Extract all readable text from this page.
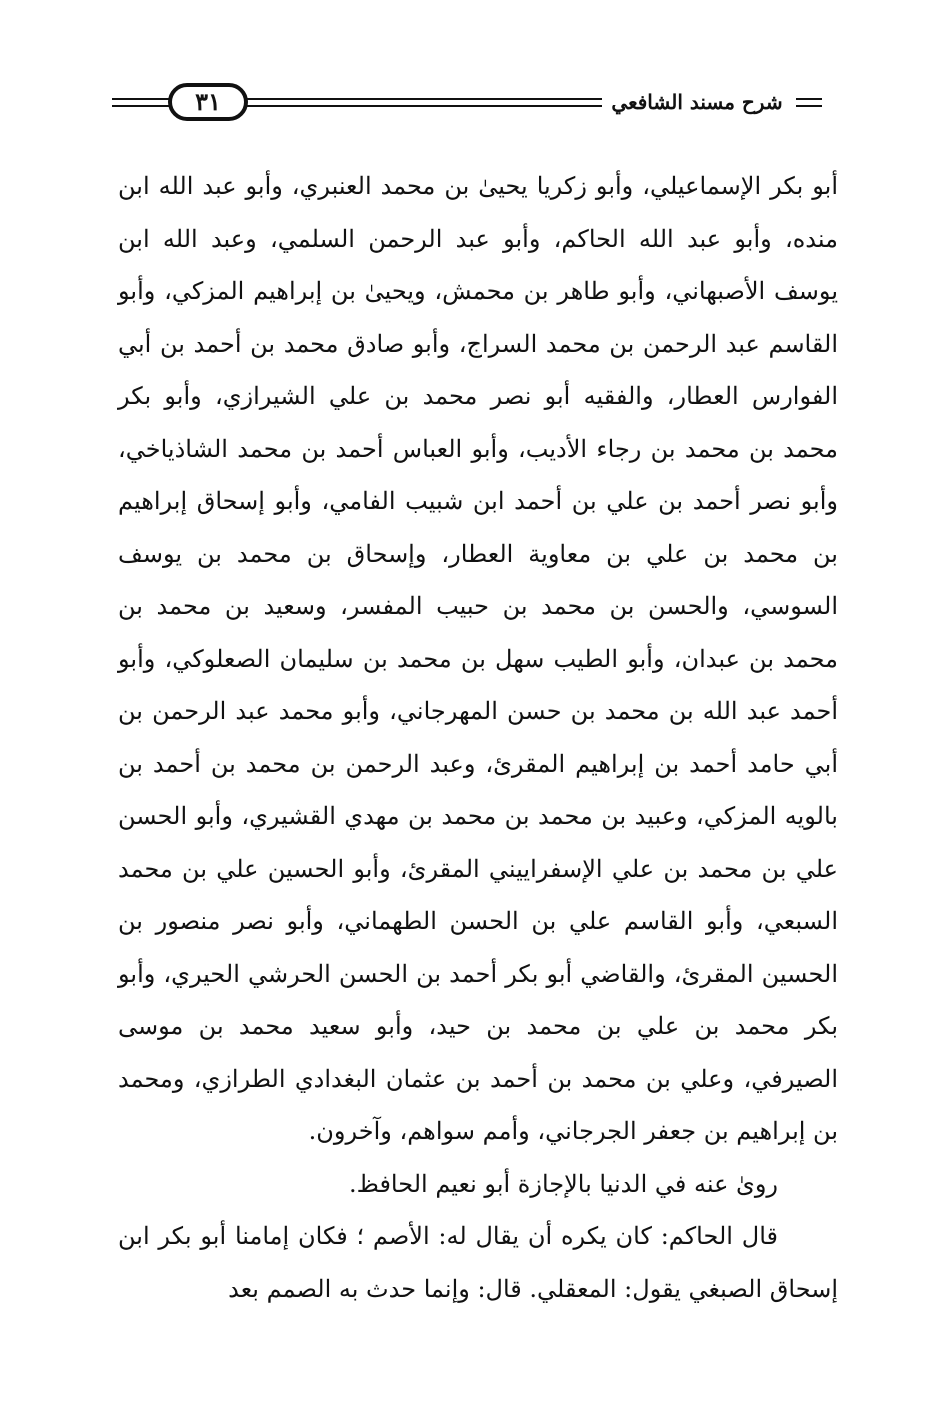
٣١	شرح مسند الشافعي

أبو بكر الإسماعيلي، وأبو زكريا يحيىٰ بن محمد العنبري، وأبو عبد الله ابن منده، وأبو عبد الله الحاكم، وأبو عبد الرحمن السلمي، وعبد الله ابن يوسف الأصبهاني، وأبو طاهر بن محمش، ويحيىٰ بن إبراهيم المزكي، وأبو القاسم عبد الرحمن بن محمد السراج، وأبو صادق محمد بن أحمد بن أبي الفوارس العطار، والفقيه أبو نصر محمد بن علي الشيرازي، وأبو بكر محمد بن محمد بن رجاء الأديب، وأبو العباس أحمد بن محمد الشاذياخي، وأبو نصر أحمد بن علي بن أحمد ابن شبيب الفامي، وأبو إسحاق إبراهيم بن محمد بن علي بن معاوية العطار، وإسحاق بن محمد بن يوسف السوسي، والحسن بن محمد بن حبيب المفسر، وسعيد بن محمد بن محمد بن عبدان، وأبو الطيب سهل بن محمد بن سليمان الصعلوكي، وأبو أحمد عبد الله بن محمد بن حسن المهرجاني، وأبو محمد عبد الرحمن بن أبي حامد أحمد بن إبراهيم المقرئ، وعبد الرحمن بن محمد بن أحمد بن بالويه المزكي، وعبيد بن محمد بن محمد بن مهدي القشيري، وأبو الحسن علي بن محمد بن علي الإسفراييني المقرئ، وأبو الحسين علي بن محمد السبعي، وأبو القاسم علي بن الحسن الطهماني، وأبو نصر منصور بن الحسين المقرئ، والقاضي أبو بكر أحمد بن الحسن الحرشي الحيري، وأبو بكر محمد بن علي بن محمد بن حيد، وأبو سعيد محمد بن موسى الصيرفي، وعلي بن محمد بن أحمد بن عثمان البغدادي الطرازي، ومحمد بن إبراهيم بن جعفر الجرجاني، وأمم سواهم، وآخرون.

روىٰ عنه في الدنيا بالإجازة أبو نعيم الحافظ.

قال الحاكم: كان يكره أن يقال له: الأصم ؛ فكان إمامنا أبو بكر ابن إسحاق الصبغي يقول: المعقلي. قال: وإنما حدث به الصمم بعد
